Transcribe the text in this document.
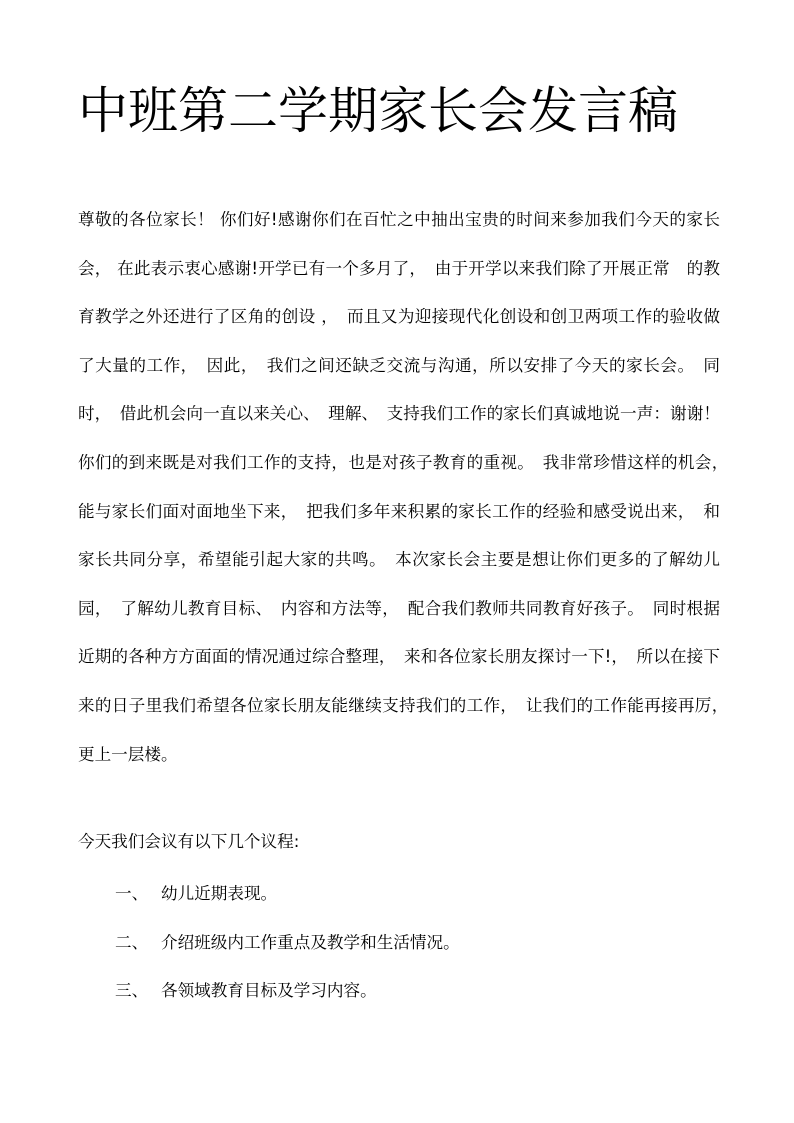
中班第二学期家长会发言稿

尊敬的各位家长！ 你们好!感谢你们在百忙之中抽出宝贵的时间来参加我们今天的家长会， 在此表示衷心感谢!开学已有一个多月了，　由于开学以来我们除了开展正常　的教育教学之外还进行了区角的创设 ，　而且又为迎接现代化创设和创卫两项工作的验收做了大量的工作，　因此，　我们之间还缺乏交流与沟通，所以安排了今天的家长会。　同时，　借此机会向一直以来关心、　理解、　支持我们工作的家长们真诚地说一声：谢谢！你们的到来既是对我们工作的支持，也是对孩子教育的重视。　我非常珍惜这样的机会，　能与家长们面对面地坐下来，　把我们多年来积累的家长工作的经验和感受说出来，　和家长共同分享，希望能引起大家的共鸣。　本次家长会主要是想让你们更多的了解幼儿园，　了解幼儿教育目标、　内容和方法等，　配合我们教师共同教育好孩子。　同时根据近期的各种方方面面的情况通过综合整理，　来和各位家长朋友探讨一下!，　所以在接下来的日子里我们希望各位家长朋友能继续支持我们的工作，　让我们的工作能再接再厉，　更上一层楼。

今天我们会议有以下几个议程:

一、 幼儿近期表现。
二、 介绍班级内工作重点及教学和生活情况。
三、 各领域教育目标及学习内容。
